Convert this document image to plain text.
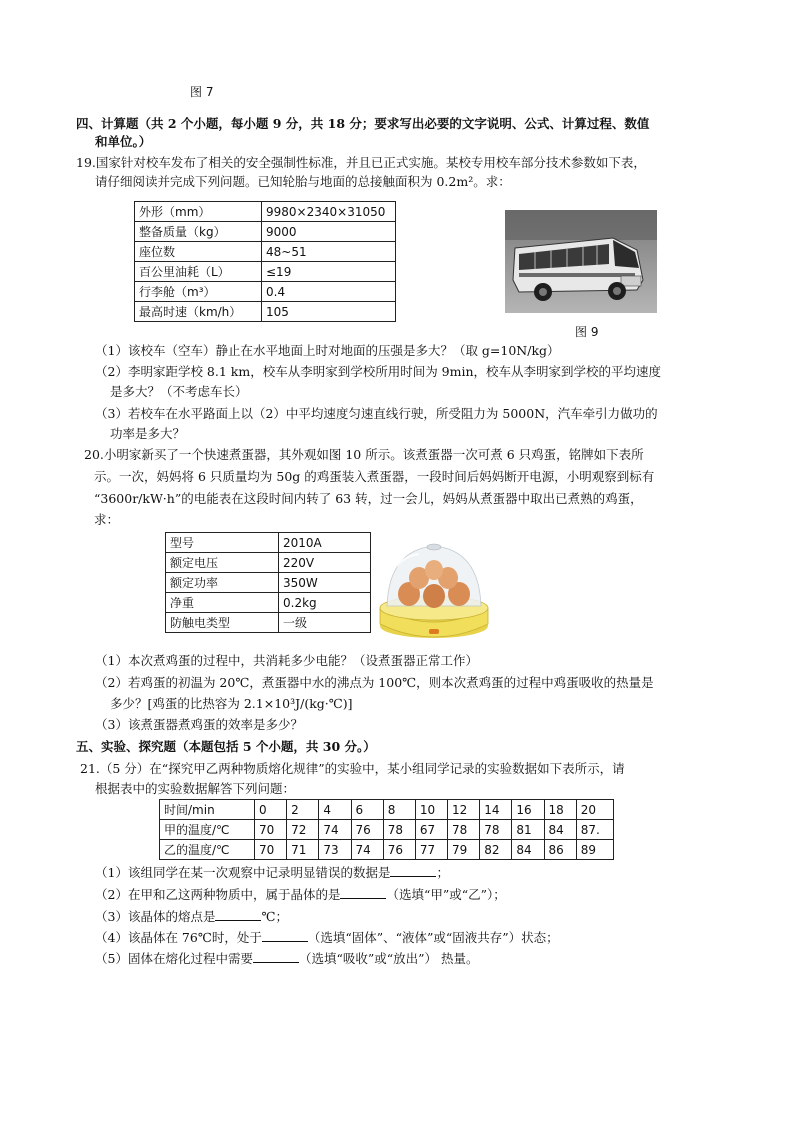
图 7
四、计算题（共 2 个小题，每小题 9 分，共 18 分；要求写出必要的文字说明、公式、计算过程、数值
和单位。）
19.国家针对校车发布了相关的安全强制性标准，并且已正式实施。某校专用校车部分技术参数如下表，
请仔细阅读并完成下列问题。已知轮胎与地面的总接触面积为 0.2m²。求：
外形（mm）	9980×2340×31050
整备质量（kg）	9000
座位数	48~51
百公里油耗（L）	≤19
行李舱（m³）	0.4
最高时速（km/h）	105
图 9
（1）该校车（空车）静止在水平地面上时对地面的压强是多大？（取 g=10N/kg）
（2）李明家距学校 8.1 km，校车从李明家到学校所用时间为 9min，校车从李明家到学校的平均速度
是多大？（不考虑车长）
（3）若校车在水平路面上以（2）中平均速度匀速直线行驶，所受阻力为 5000N，汽车牵引力做功的
功率是多大？
20.小明家新买了一个快速煮蛋器，其外观如图 10 所示。该煮蛋器一次可煮 6 只鸡蛋，铭牌如下表所
示。一次，妈妈将 6 只质量均为 50g 的鸡蛋装入煮蛋器，一段时间后妈妈断开电源，小明观察到标有
“3600r/kW·h”的电能表在这段时间内转了 63 转，过一会儿，妈妈从煮蛋器中取出已煮熟的鸡蛋，
求：
型号	2010A
额定电压	220V
额定功率	350W
净重	0.2kg
防触电类型	一级
（1）本次煮鸡蛋的过程中，共消耗多少电能？（设煮蛋器正常工作）
（2）若鸡蛋的初温为 20℃，煮蛋器中水的沸点为 100℃，则本次煮鸡蛋的过程中鸡蛋吸收的热量是
多少？[鸡蛋的比热容为 2.1×10³J/(kg·℃)]
（3）该煮蛋器煮鸡蛋的效率是多少？
五、实验、探究题（本题包括 5 个小题，共 30 分。）
21.（5 分）在“探究甲乙两种物质熔化规律”的实验中，某小组同学记录的实验数据如下表所示，请
根据表中的实验数据解答下列问题：
时间/min	0	2	4	6	8	10	12	14	16	18	20
甲的温度/℃	70	72	74	76	78	67	78	78	81	84	87.
乙的温度/℃	70	71	73	74	76	77	79	82	84	86	89
（1）该组同学在某一次观察中记录明显错误的数据是	；
（2）在甲和乙这两种物质中，属于晶体的是	（选填“甲”或“乙”）；
（3）该晶体的熔点是	℃；
（4）该晶体在 76℃时，处于	（选填“固体”、“液体”或“固液共存”）状态；
（5）固体在熔化过程中需要	（选填“吸收”或“放出”） 热量。
